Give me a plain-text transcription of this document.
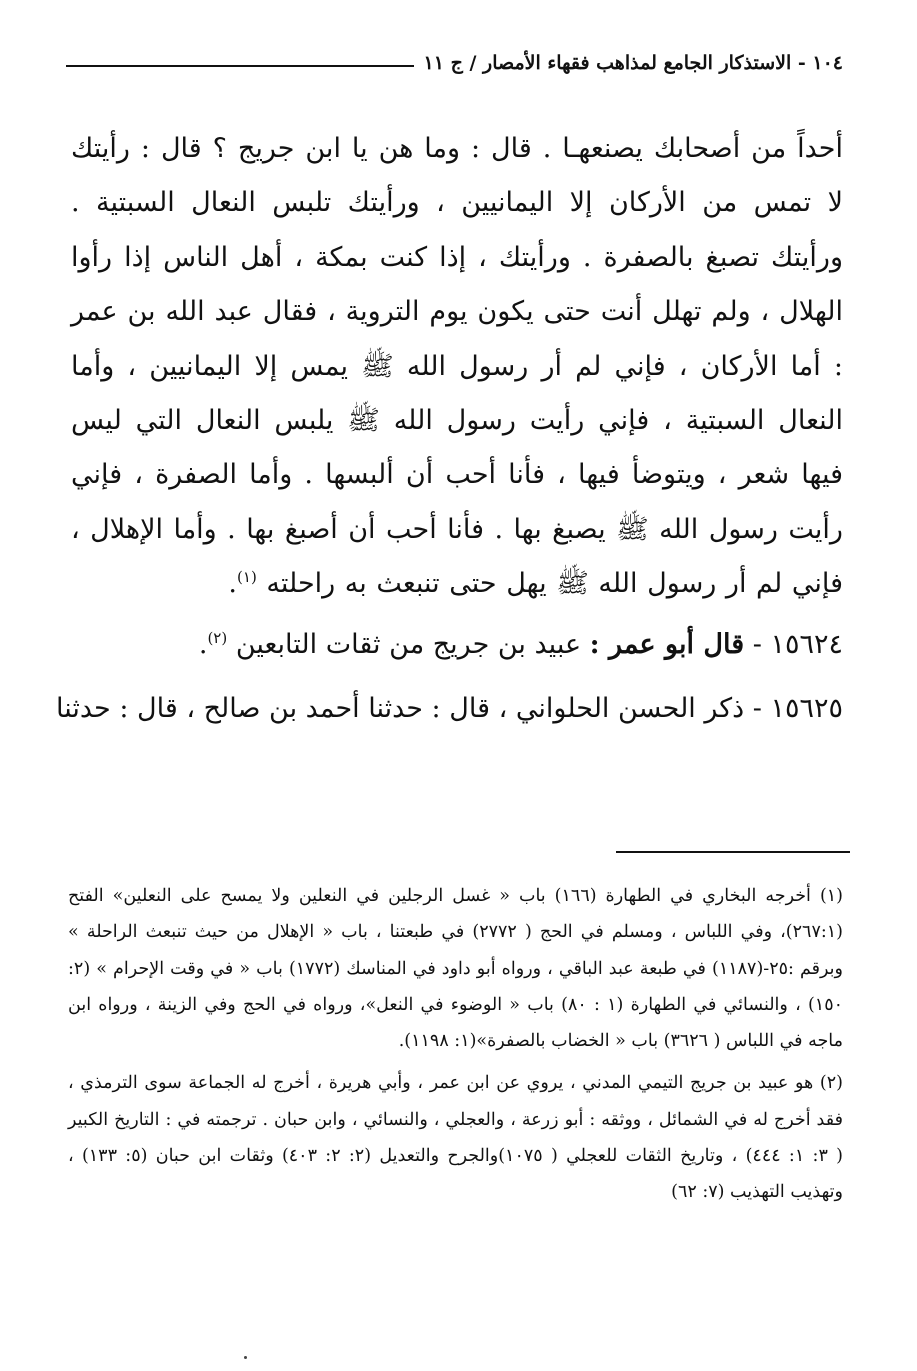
١٠٤ - الاستذكار الجامع لمذاهب فقهاء الأمصار / ج ١١

أحداً من أصحابك يصنعهـا . قال : وما هن يا ابن جريج ؟ قال : رأيتك لا تمس من الأركان إلا اليمانيين ، ورأيتك تلبس النعال السبتية . ورأيتك تصبغ بالصفرة . ورأيتك ، إذا كنت بمكة ، أهل الناس إذا رأوا الهلال ، ولم تهلل أنت حتى يكون يوم التروية ، فقال عبد الله بن عمر : أما الأركان ، فإني لم أر رسول الله ﷺ يمس إلا اليمانيين ، وأما النعال السبتية ، فإني رأيت رسول الله ﷺ يلبس النعال التي ليس فيها شعر ، ويتوضأ فيها ، فأنا أحب أن ألبسها . وأما الصفرة ، فإني رأيت رسول الله ﷺ يصبغ بها . فأنا أحب أن أصبغ بها . وأما الإهلال ، فإني لم أر رسول الله ﷺ يهل حتى تنبعث به راحلته $^{(١)}$.

١٥٦٢٤ - قال أبو عمر : عبيد بن جريج من ثقات التابعين $^{(٢)}$.

١٥٦٢٥ - ذكر الحسن الحلواني ، قال : حدثنا أحمد بن صالح ، قال : حدثنا

(١) أخرجه البخاري في الطهارة (١٦٦) باب « غسل الرجلين في النعلين ولا يمسح على النعلين» الفتح (٢٦٧:١)، وفي اللباس ، ومسلم في الحج ( ٢٧٧٢) في طبعتنا ، باب « الإهلال من حيث تنبعث الراحلة » وبرقم :٢٥-(١١٨٧) في طبعة عبد الباقي ، ورواه أبو داود في المناسك (١٧٧٢) باب « في وقت الإحرام » (٢: ١٥٠) ، والنسائي في الطهارة (١ : ٨٠) باب « الوضوء في النعل»، ورواه في الحج وفي الزينة ، ورواه ابن ماجه في اللباس ( ٣٦٢٦) باب « الخضاب بالصفرة»(١: ١١٩٨).

(٢) هو عبيد بن جريج التيمي المدني ، يروي عن ابن عمر ، وأبي هريرة ، أخرج له الجماعة سوى الترمذي ، فقد أخرج له في الشمائل ، ووثقه : أبو زرعة ، والعجلي ، والنسائي ، وابن حبان . ترجمته في : التاريخ الكبير ( ٣: ١: ٤٤٤) ، وتاريخ الثقات للعجلي ( ١٠٧٥)والجرح والتعديل (٢: ٢: ٤٠٣) وثقات ابن حبان (٥: ١٣٣) ، وتهذيب التهذيب (٧: ٦٢)
